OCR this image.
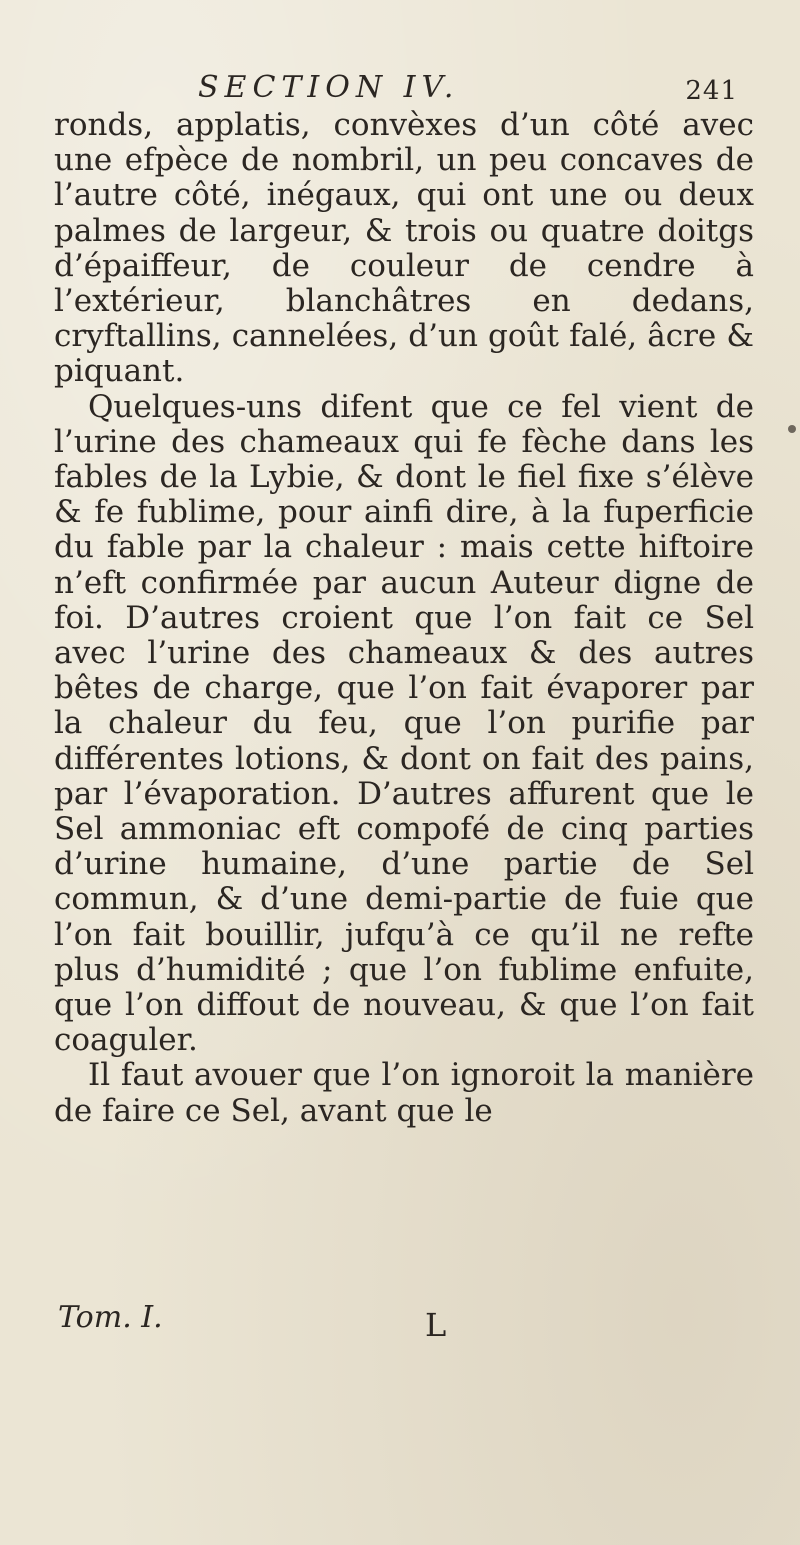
SECTION IV.	241

ronds, applatis, convèxes d’un côté avec une efpèce de nombril, un peu concaves de l’autre côté, inégaux, qui ont une ou deux palmes de largeur, & trois ou quatre doitgs d’épaiffeur, de couleur de cendre à l’extérieur, blanchâtres en dedans, cryftallins, cannelées, d’un goût falé, âcre & piquant.

Quelques-uns difent que ce fel vient de l’urine des chameaux qui fe fèche dans les fables de la Lybie, & dont le fiel fixe s’élève & fe fublime, pour ainfi dire, à la fuperficie du fable par la chaleur : mais cette hiftoire n’eft confirmée par aucun Auteur digne de foi. D’autres croient que l’on fait ce Sel avec l’urine des chameaux & des autres bêtes de charge, que l’on fait évaporer par la chaleur du feu, que l’on purifie par différentes lotions, & dont on fait des pains, par l’évaporation. D’autres affurent que le Sel ammoniac eft compofé de cinq parties d’urine humaine, d’une partie de Sel commun, & d’une demi-partie de fuie que l’on fait bouillir, jufqu’à ce qu’il ne refte plus d’humidité ; que l’on fublime enfuite, que l’on diffout de nouveau, & que l’on fait coaguler.

Il faut avouer que l’on ignoroit la manière de faire ce Sel, avant que le

Tom. I.	L
